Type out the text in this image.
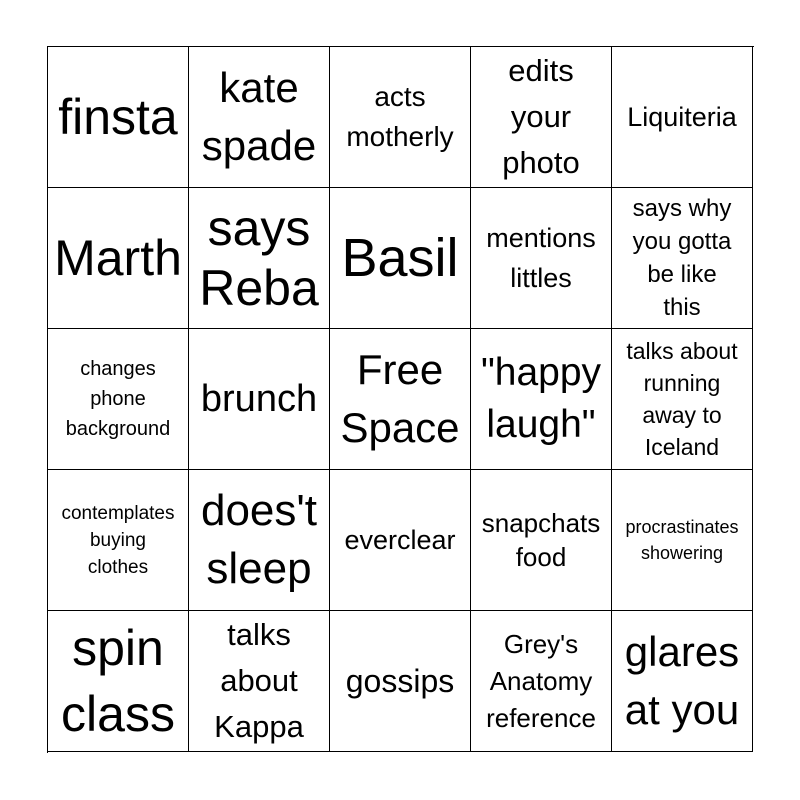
finsta
kate
spade
acts
motherly
edits
your
photo
Liquiteria
Marth
says
Reba Basil mentions
littles
says why
you gotta
be like
this
changes
phone
background
brunch
Free
Space
"happy
laugh"
talks about
running
away to
Iceland
contemplates
buying
clothes
does't
sleep
everclear
snapchats
food
procrastinates
showering
spin
class
talks
about
Kappa
gossips
Grey's
Anatomy
reference
glares
at you
